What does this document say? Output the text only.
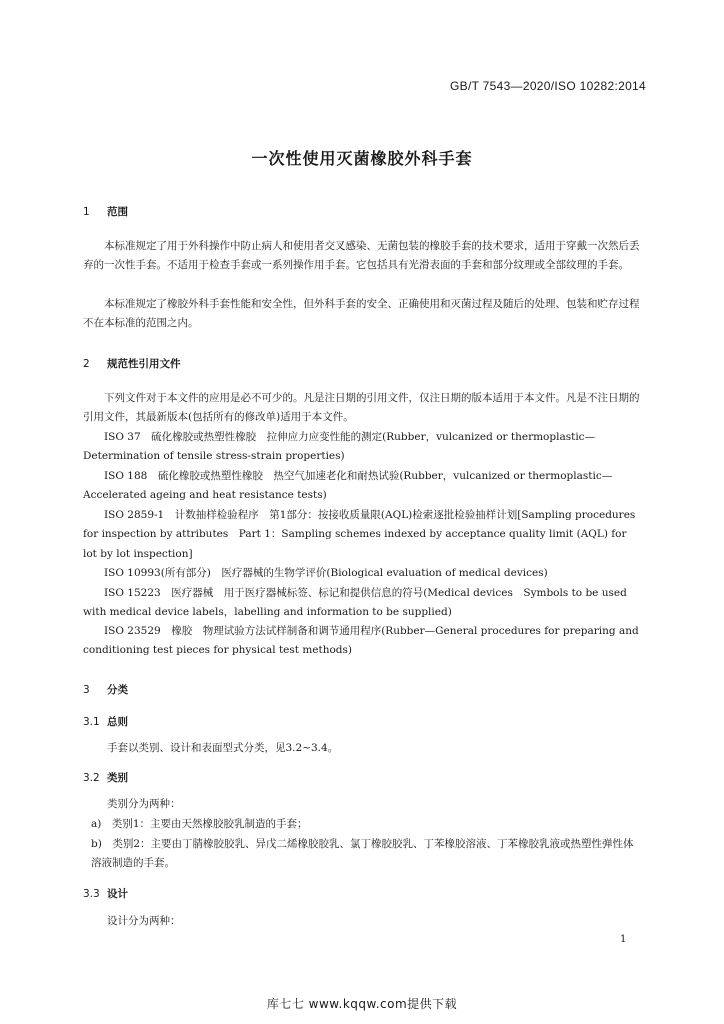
GB/T 7543—2020/ISO 10282:2014
一次性使用灭菌橡胶外科手套
1 范围

本标准规定了用于外科操作中防止病人和使用者交叉感染、无菌包装的橡胶手套的技术要求，适用于穿戴一次然后丢弃的一次性手套。不适用于检查手套或一系列操作用手套。它包括具有光滑表面的手套和部分纹理或全部纹理的手套。

本标准规定了橡胶外科手套性能和安全性，但外科手套的安全、正确使用和灭菌过程及随后的处理、包装和贮存过程不在本标准的范围之内。

2 规范性引用文件

下列文件对于本文件的应用是必不可少的。凡是注日期的引用文件，仅注日期的版本适用于本文件。凡是不注日期的引用文件，其最新版本(包括所有的修改单)适用于本文件。

ISO 37　硫化橡胶或热塑性橡胶　拉伸应力应变性能的测定(Rubber，vulcanized or thermoplastic—Determination of tensile stress-strain properties)

ISO 188　硫化橡胶或热塑性橡胶　热空气加速老化和耐热试验(Rubber，vulcanized or thermoplastic—Accelerated ageing and heat resistance tests)

ISO 2859-1　计数抽样检验程序　第1部分：按接收质量限(AQL)检索逐批检验抽样计划[Sampling procedures for inspection by attributes　Part 1：Sampling schemes indexed by acceptance quality limit (AQL) for lot by lot inspection]

ISO 10993(所有部分)　医疗器械的生物学评价(Biological evaluation of medical devices)

ISO 15223　医疗器械　用于医疗器械标签、标记和提供信息的符号(Medical devices　Symbols to be used with medical device labels，labelling and information to be supplied)

ISO 23529　橡胶　物理试验方法试样制备和调节通用程序(Rubber—General procedures for preparing and conditioning test pieces for physical test methods)

3 分类
3.1 总则

手套以类别、设计和表面型式分类，见3.2~3.4。

3.2 类别

类别分为两种：

a)　类别1：主要由天然橡胶胶乳制造的手套；

b)　类别2：主要由丁腈橡胶胶乳、异戊二烯橡胶胶乳、氯丁橡胶胶乳、丁苯橡胶溶液、丁苯橡胶乳液或热塑性弹性体溶液制造的手套。

3.3 设计

设计分为两种：

1
库七七 www.kqqw.com提供下载
